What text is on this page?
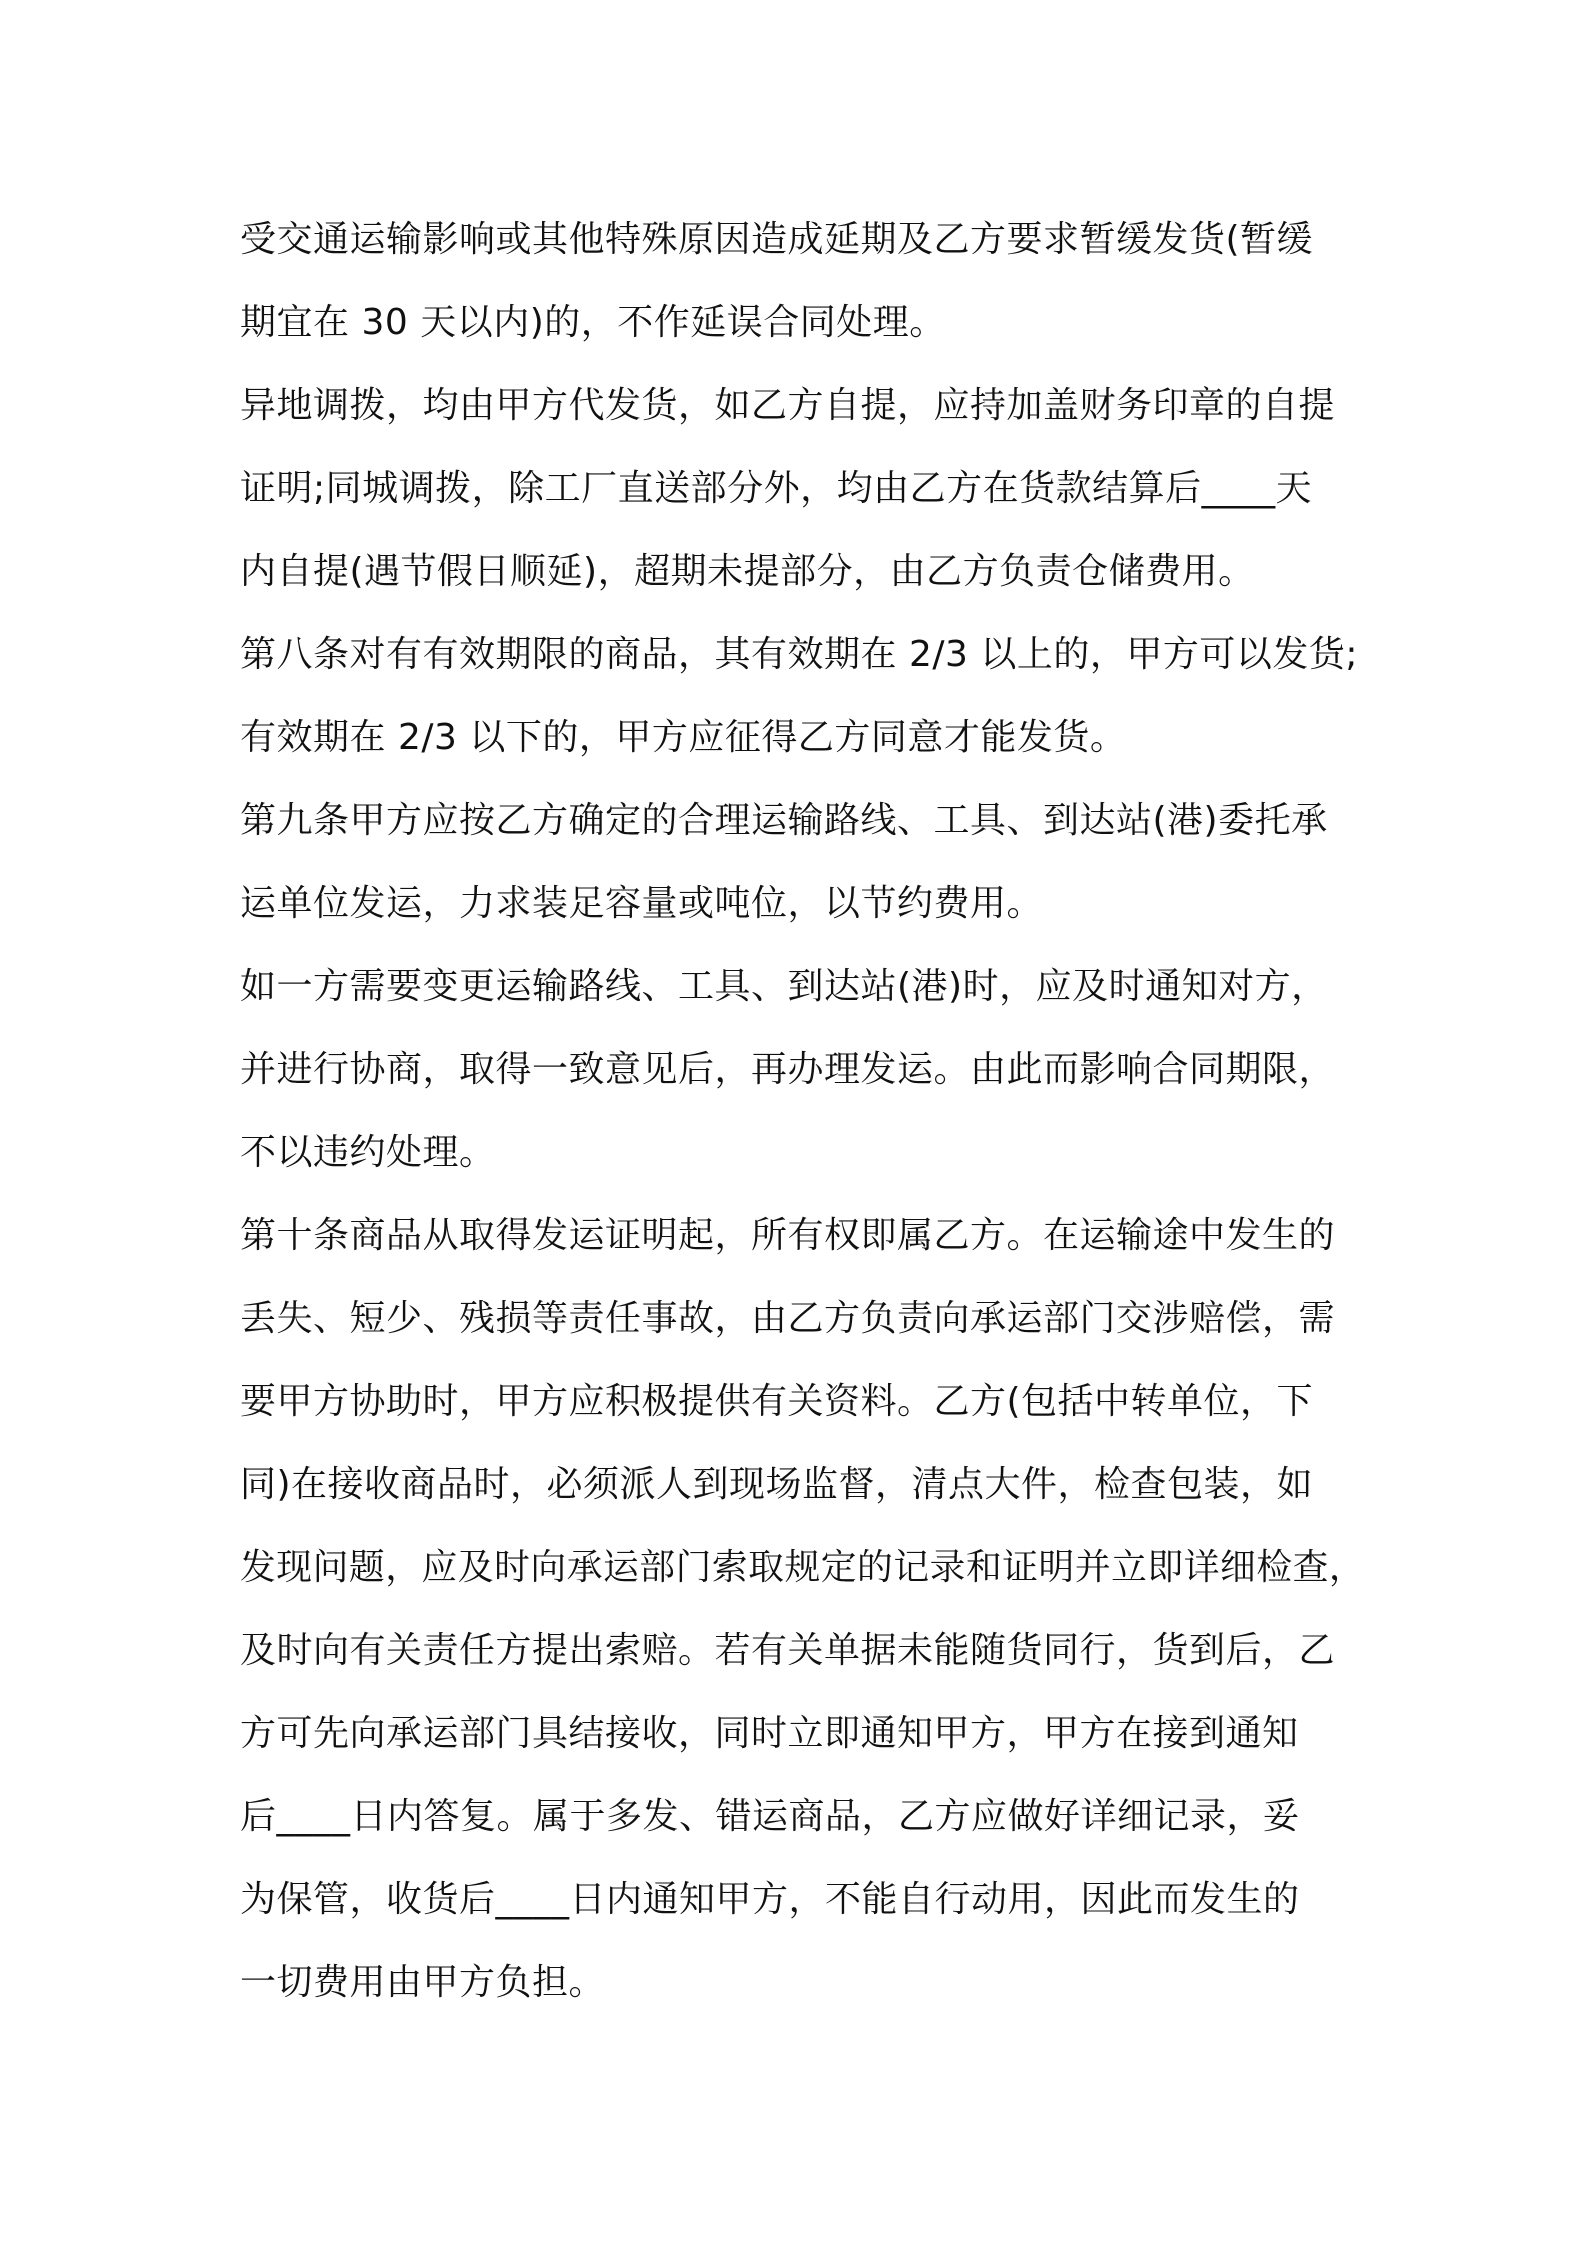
受交通运输影响或其他特殊原因造成延期及乙方要求暂缓发货(暂缓
期宜在 30 天以内)的，不作延误合同处理。
异地调拨，均由甲方代发货，如乙方自提，应持加盖财务印章的自提
证明;同城调拨，除工厂直送部分外，均由乙方在货款结算后____天
内自提(遇节假日顺延)，超期未提部分，由乙方负责仓储费用。
第八条对有有效期限的商品，其有效期在 2/3 以上的，甲方可以发货;
有效期在 2/3 以下的，甲方应征得乙方同意才能发货。
第九条甲方应按乙方确定的合理运输路线、工具、到达站(港)委托承
运单位发运，力求装足容量或吨位，以节约费用。
如一方需要变更运输路线、工具、到达站(港)时，应及时通知对方，
并进行协商，取得一致意见后，再办理发运。由此而影响合同期限，
不以违约处理。
第十条商品从取得发运证明起，所有权即属乙方。在运输途中发生的
丢失、短少、残损等责任事故，由乙方负责向承运部门交涉赔偿，需
要甲方协助时，甲方应积极提供有关资料。乙方(包括中转单位，下
同)在接收商品时，必须派人到现场监督，清点大件，检查包装，如
发现问题，应及时向承运部门索取规定的记录和证明并立即详细检查，
及时向有关责任方提出索赔。若有关单据未能随货同行，货到后，乙
方可先向承运部门具结接收，同时立即通知甲方，甲方在接到通知
后____日内答复。属于多发、错运商品，乙方应做好详细记录，妥
为保管，收货后____日内通知甲方，不能自行动用，因此而发生的
一切费用由甲方负担。
